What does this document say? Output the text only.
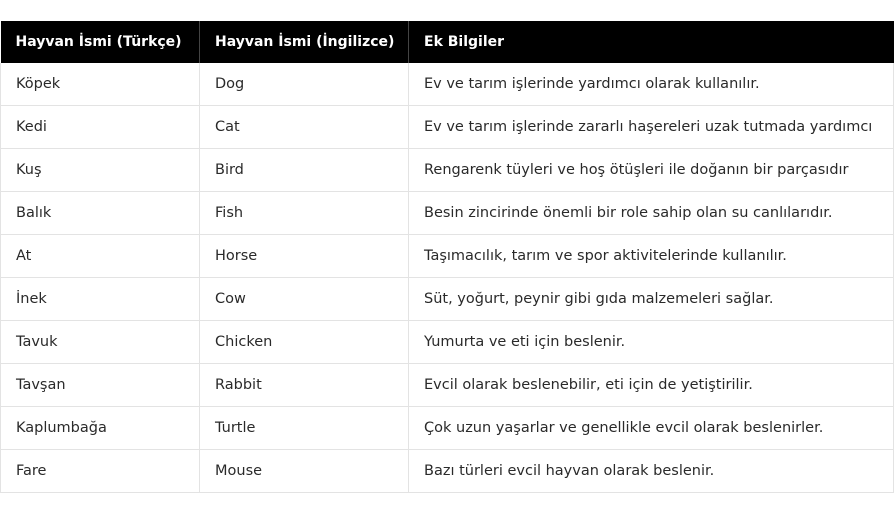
Hayvan İsmi (Türkçe)	Hayvan İsmi (İngilizce)	Ek Bilgiler
Köpek	Dog	Ev ve tarım işlerinde yardımcı olarak kullanılır.
Kedi	Cat	Ev ve tarım işlerinde zararlı haşereleri uzak tutmada yardımcı
Kuş	Bird	Rengarenk tüyleri ve hoş ötüşleri ile doğanın bir parçasıdır
Balık	Fish	Besin zincirinde önemli bir role sahip olan su canlılarıdır.
At	Horse	Taşımacılık, tarım ve spor aktivitelerinde kullanılır.
İnek	Cow	Süt, yoğurt, peynir gibi gıda malzemeleri sağlar.
Tavuk	Chicken	Yumurta ve eti için beslenir.
Tavşan	Rabbit	Evcil olarak beslenebilir, eti için de yetiştirilir.
Kaplumbağa	Turtle	Çok uzun yaşarlar ve genellikle evcil olarak beslenirler.
Fare	Mouse	Bazı türleri evcil hayvan olarak beslenir.
